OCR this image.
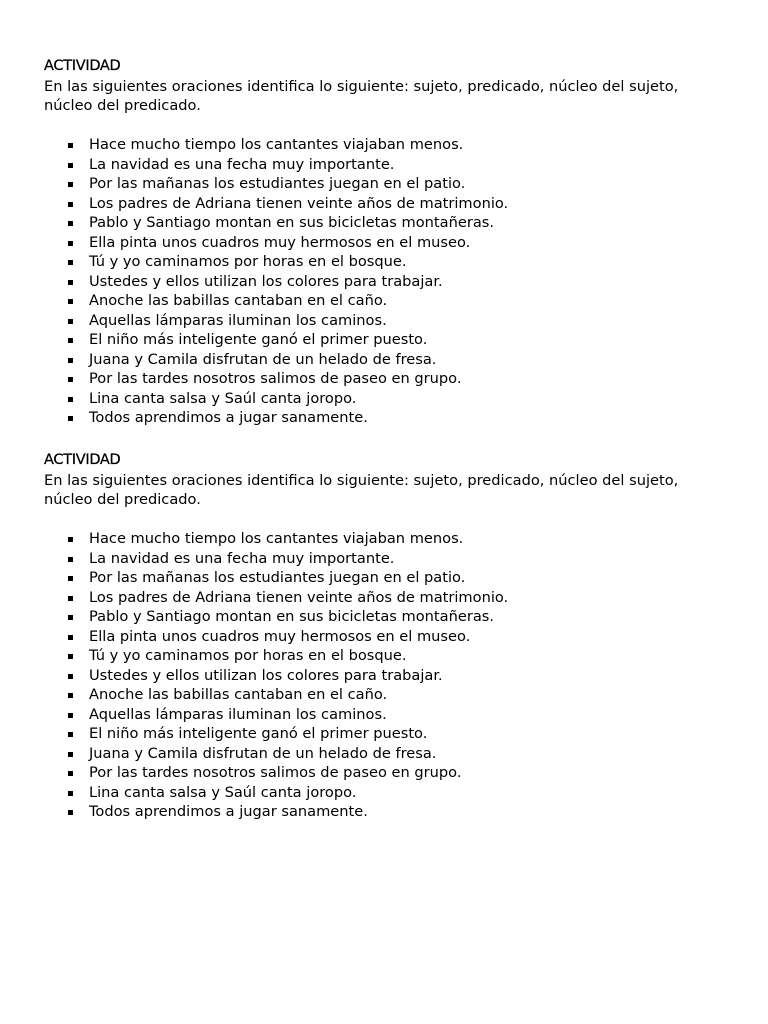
ACTIVIDAD

En las siguientes oraciones identifica lo siguiente: sujeto, predicado, núcleo del sujeto, núcleo del predicado.

Hace mucho tiempo los cantantes viajaban menos.
La navidad es una fecha muy importante.
Por las mañanas los estudiantes juegan en el patio.
Los padres de Adriana tienen veinte años de matrimonio.
Pablo y Santiago montan en sus bicicletas montañeras.
Ella pinta unos cuadros muy hermosos en el museo.
Tú y yo caminamos por horas en el bosque.
Ustedes y ellos utilizan los colores para trabajar.
Anoche las babillas cantaban en el caño.
Aquellas lámparas iluminan los caminos.
El niño más inteligente ganó el primer puesto.
Juana y Camila disfrutan de un helado de fresa.
Por las tardes nosotros salimos de paseo en grupo.
Lina canta salsa y Saúl canta joropo.
Todos aprendimos a jugar sanamente.
ACTIVIDAD

En las siguientes oraciones identifica lo siguiente: sujeto, predicado, núcleo del sujeto, núcleo del predicado.

Hace mucho tiempo los cantantes viajaban menos.
La navidad es una fecha muy importante.
Por las mañanas los estudiantes juegan en el patio.
Los padres de Adriana tienen veinte años de matrimonio.
Pablo y Santiago montan en sus bicicletas montañeras.
Ella pinta unos cuadros muy hermosos en el museo.
Tú y yo caminamos por horas en el bosque.
Ustedes y ellos utilizan los colores para trabajar.
Anoche las babillas cantaban en el caño.
Aquellas lámparas iluminan los caminos.
El niño más inteligente ganó el primer puesto.
Juana y Camila disfrutan de un helado de fresa.
Por las tardes nosotros salimos de paseo en grupo.
Lina canta salsa y Saúl canta joropo.
Todos aprendimos a jugar sanamente.
